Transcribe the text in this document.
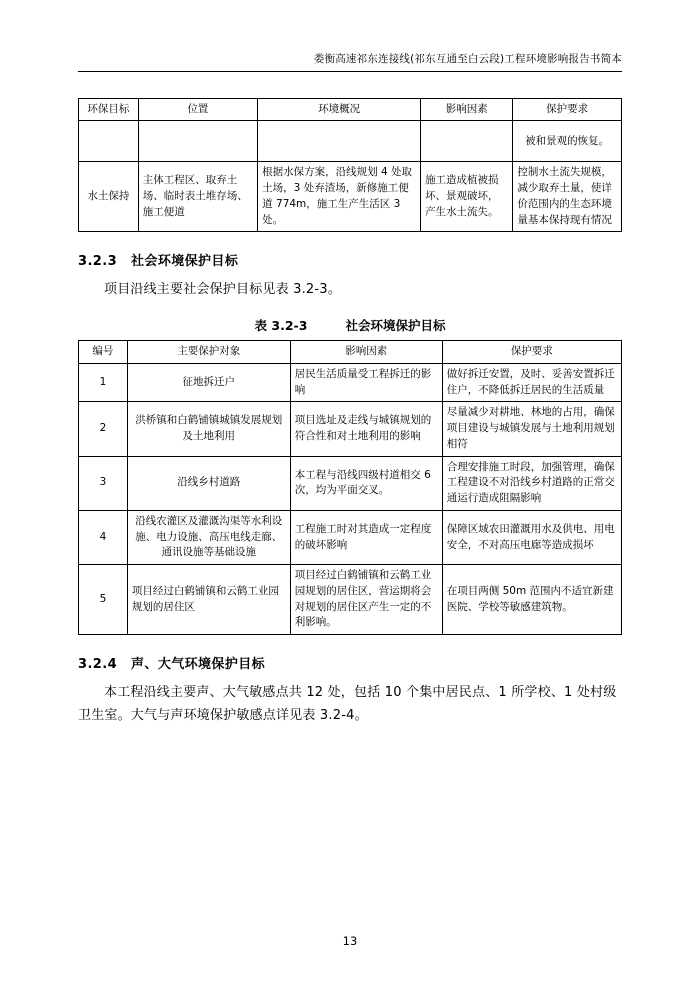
娄衡高速祁东连接线(祁东互通至白云段)工程环境影响报告书简本
环保目标	位置	环境概况	影响因素	保护要求
				被和景观的恢复。
水土保持	主体工程区、取弃土场、临时表土堆存场、施工便道	根据水保方案，沿线规划 4 处取土场，3 处弃渣场，新修施工便道 774m，施工生产生活区 3 处。	施工造成植被损坏、景观破坏，产生水土流失。	控制水土流失规模，减少取弃土量，使详价范围内的生态环境量基本保持现有情况
3.2.3 社会环境保护目标

项目沿线主要社会保护目标见表 3.2-3。

表 3.2-3	社会环境保护目标
编号	主要保护对象	影响因素	保护要求
1	征地拆迁户	居民生活质量受工程拆迁的影响	做好拆迁安置，及时、妥善安置拆迁住户，不降低拆迁居民的生活质量
2	洪桥镇和白鹤铺镇城镇发展规划及土地利用	项目选址及走线与城镇规划的符合性和对土地利用的影响	尽量减少对耕地、林地的占用，确保项目建设与城镇发展与土地利用规划相符
3	沿线乡村道路	本工程与沿线四级村道相交 6 次，均为平面交叉。	合理安排施工时段，加强管理，确保工程建设不对沿线乡村道路的正常交通运行造成阻隔影响
4	沿线农灌区及灌溉沟渠等水利设施、电力设施、高压电线走廊、通讯设施等基础设施	工程施工时对其造成一定程度的破坏影响	保障区域农田灌溉用水及供电、用电安全，不对高压电廊等造成损坏
5	项目经过白鹤铺镇和云鹤工业园规划的居住区	项目经过白鹤铺镇和云鹤工业园规划的居住区，营运期将会对规划的居住区产生一定的不利影响。	在项目两侧 50m 范围内不适宜新建医院、学校等敏感建筑物。
3.2.4 声、大气环境保护目标

本工程沿线主要声、大气敏感点共 12 处，包括 10 个集中居民点、1 所学校、1 处村级卫生室。大气与声环境保护敏感点详见表 3.2-4。

13
